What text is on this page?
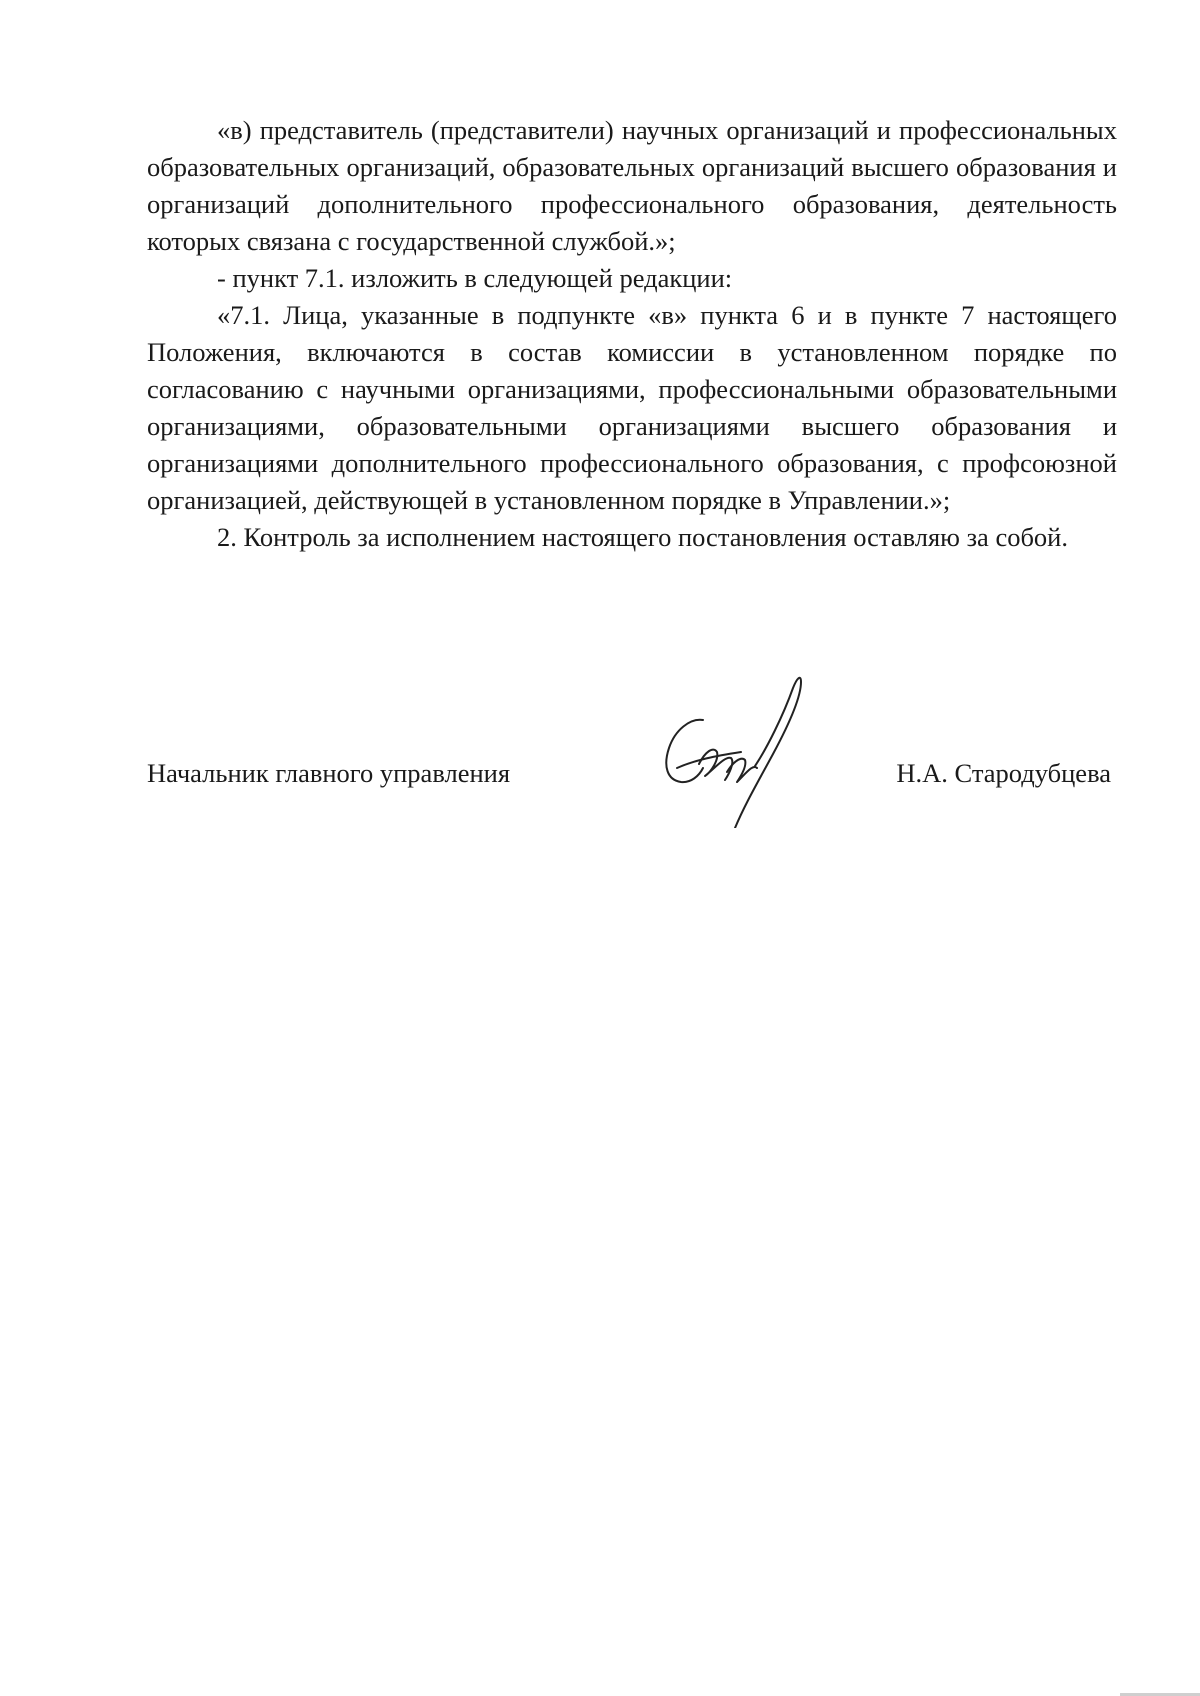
«в) представитель (представители) научных организаций и профессиональных образовательных организаций, образовательных организаций высшего образования и организаций дополнительного профессионального образования, деятельность которых связана с государственной службой.»;

- пункт 7.1. изложить в следующей редакции:

«7.1. Лица, указанные в подпункте «в» пункта 6 и в пункте 7 настоящего Положения, включаются в состав комиссии в установленном порядке по согласованию с научными организациями, профессиональными образовательными организациями, образовательными организациями высшего образования и организациями дополнительного профессионального образования, с профсоюзной организацией, действующей в установленном порядке в Управлении.»;

2. Контроль за исполнением настоящего постановления оставляю за собой.

Начальник главного управления	Н.А. Стародубцева
